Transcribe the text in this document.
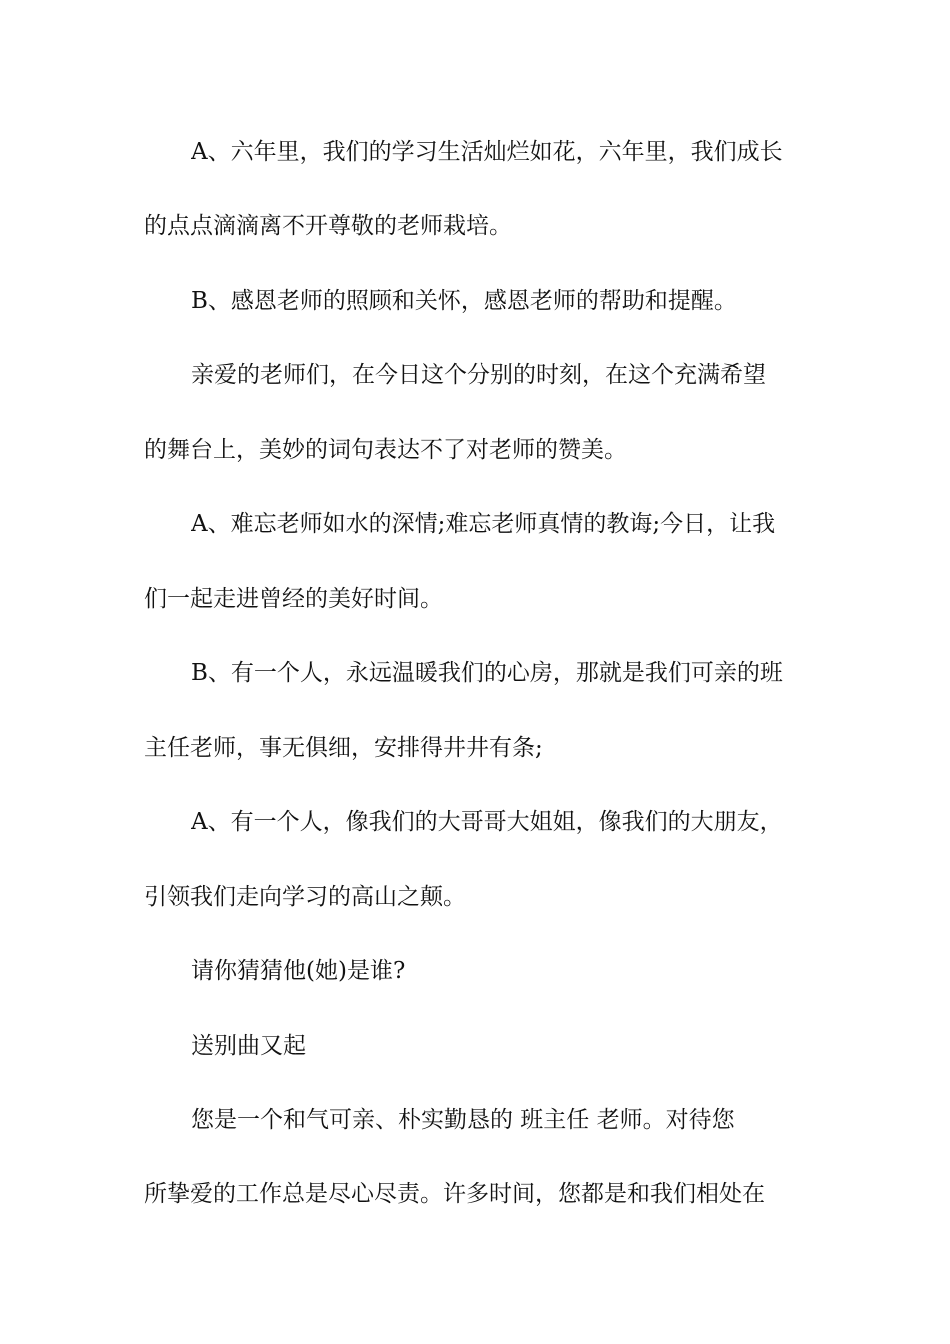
A、六年里，我们的学习生活灿烂如花，六年里，我们成长
的点点滴滴离不开尊敬的老师栽培。
B、感恩老师的照顾和关怀，感恩老师的帮助和提醒。
亲爱的老师们，在今日这个分别的时刻，在这个充满希望
的舞台上，美妙的词句表达不了对老师的赞美。
A、难忘老师如水的深情;难忘老师真情的教诲;今日，让我
们一起走进曾经的美好时间。
B、有一个人，永远温暖我们的心房，那就是我们可亲的班
主任老师，事无俱细，安排得井井有条;
A、有一个人，像我们的大哥哥大姐姐，像我们的大朋友，
引领我们走向学习的高山之颠。
请你猜猜他(她)是谁?
送别曲又起
您是一个和气可亲、朴实勤恳的 班主任 老师。对待您
所挚爱的工作总是尽心尽责。许多时间，您都是和我们相处在
